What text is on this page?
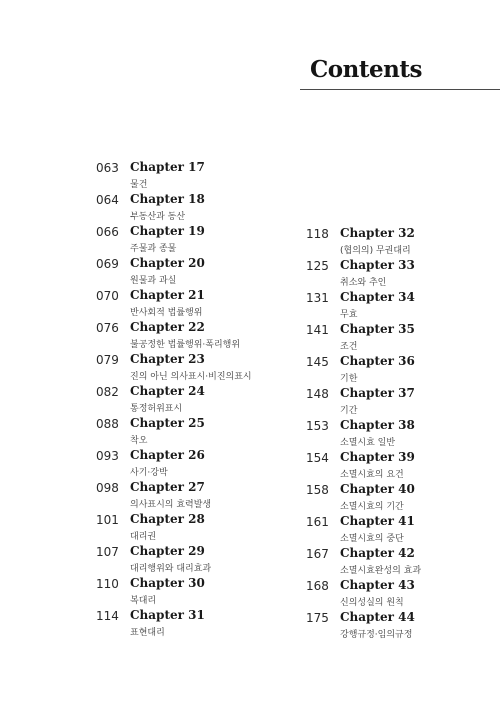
Contents
063 Chapter 17
물건
064 Chapter 18
부동산과 동산
066 Chapter 19
주물과 종물
069 Chapter 20
원물과 과실
070 Chapter 21
반사회적 법률행위
076 Chapter 22
불공정한 법률행위·폭리행위
079 Chapter 23
진의 아닌 의사표시·비진의표시
082 Chapter 24
통정허위표시
088 Chapter 25
착오
093 Chapter 26
사기·강박
098 Chapter 27
의사표시의 효력발생
101 Chapter 28
대리권
107 Chapter 29
대리행위와 대리효과
110 Chapter 30
복대리
114 Chapter 31
표현대리
118 Chapter 32
(협의의) 무권대리
125 Chapter 33
취소와 추인
131 Chapter 34
무효
141 Chapter 35
조건
145 Chapter 36
기한
148 Chapter 37
기간
153 Chapter 38
소멸시효 일반
154 Chapter 39
소멸시효의 요건
158 Chapter 40
소멸시효의 기간
161 Chapter 41
소멸시효의 중단
167 Chapter 42
소멸시효완성의 효과
168 Chapter 43
신의성실의 원칙
175 Chapter 44
강행규정·임의규정
